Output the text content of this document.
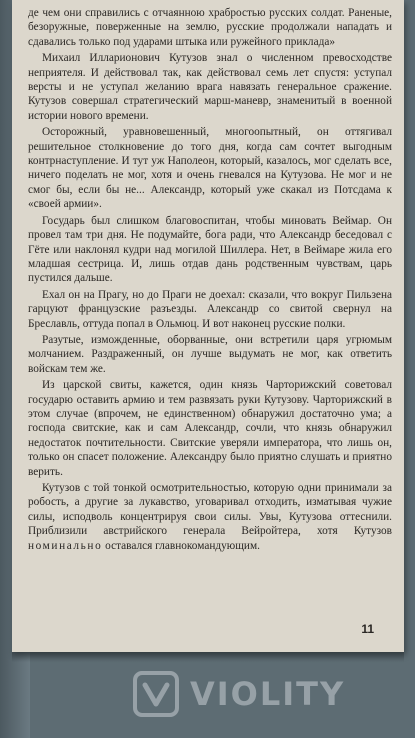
де чем они справились с отчаянною храбростью русских солдат. Раненые, безоружные, поверженные на землю, русские продолжали нападать и сдавались только под ударами штыка или ружейного приклада»

Михаил Илларионович Кутузов знал о численном превосходстве неприятеля. И действовал так, как действовал семь лет спустя: уступал версты и не уступал желанию врага навязать генеральное сражение. Кутузов совершал стратегический марш-маневр, знаменитый в военной истории нового времени.

Осторожный, уравновешенный, многоопытный, он оттягивал решительное столкновение до того дня, когда сам сочтет выгодным контрнаступление. И тут уж Наполеон, который, казалось, мог сделать все, ничего поделать не мог, хотя и очень гневался на Кутузова. Не мог и не смог бы, если бы не... Александр, который уже скакал из Потсдама к «своей армии».

Государь был слишком благовоспитан, чтобы миновать Веймар. Он провел там три дня. Не подумайте, бога ради, что Александр беседовал с Гёте или наклонял кудри над могилой Шиллера. Нет, в Веймаре жила его младшая сестрица. И, лишь отдав дань родственным чувствам, царь пустился дальше.

Ехал он на Прагу, но до Праги не доехал: сказали, что вокруг Пильзена гарцуют французские разъезды. Александр со свитой свернул на Бреславль, оттуда попал в Ольмюц. И вот наконец русские полки.

Разутые, изможденные, оборванные, они встретили царя угрюмым молчанием. Раздраженный, он лучше выдумать не мог, как ответить войскам тем же.

Из царской свиты, кажется, один князь Чарторижский советовал государю оставить армию и тем развязать руки Кутузову. Чарторижский в этом случае (впрочем, не единственном) обнаружил достаточно ума; а господа свитские, как и сам Александр, сочли, что князь обнаружил недостаток почтительности. Свитские уверяли императора, что лишь он, только он спасет положение. Александру было приятно слушать и приятно верить.

Кутузов с той тонкой осмотрительностью, которую одни принимали за робость, а другие за лукавство, уговаривал отходить, изматывая чужие силы, исподволь концентрируя свои силы. Увы, Кутузова оттеснили. Приблизили австрийского генерала Вейройтера, хотя Кутузов номинально оставался главнокомандующим.

11
VIOLITY
